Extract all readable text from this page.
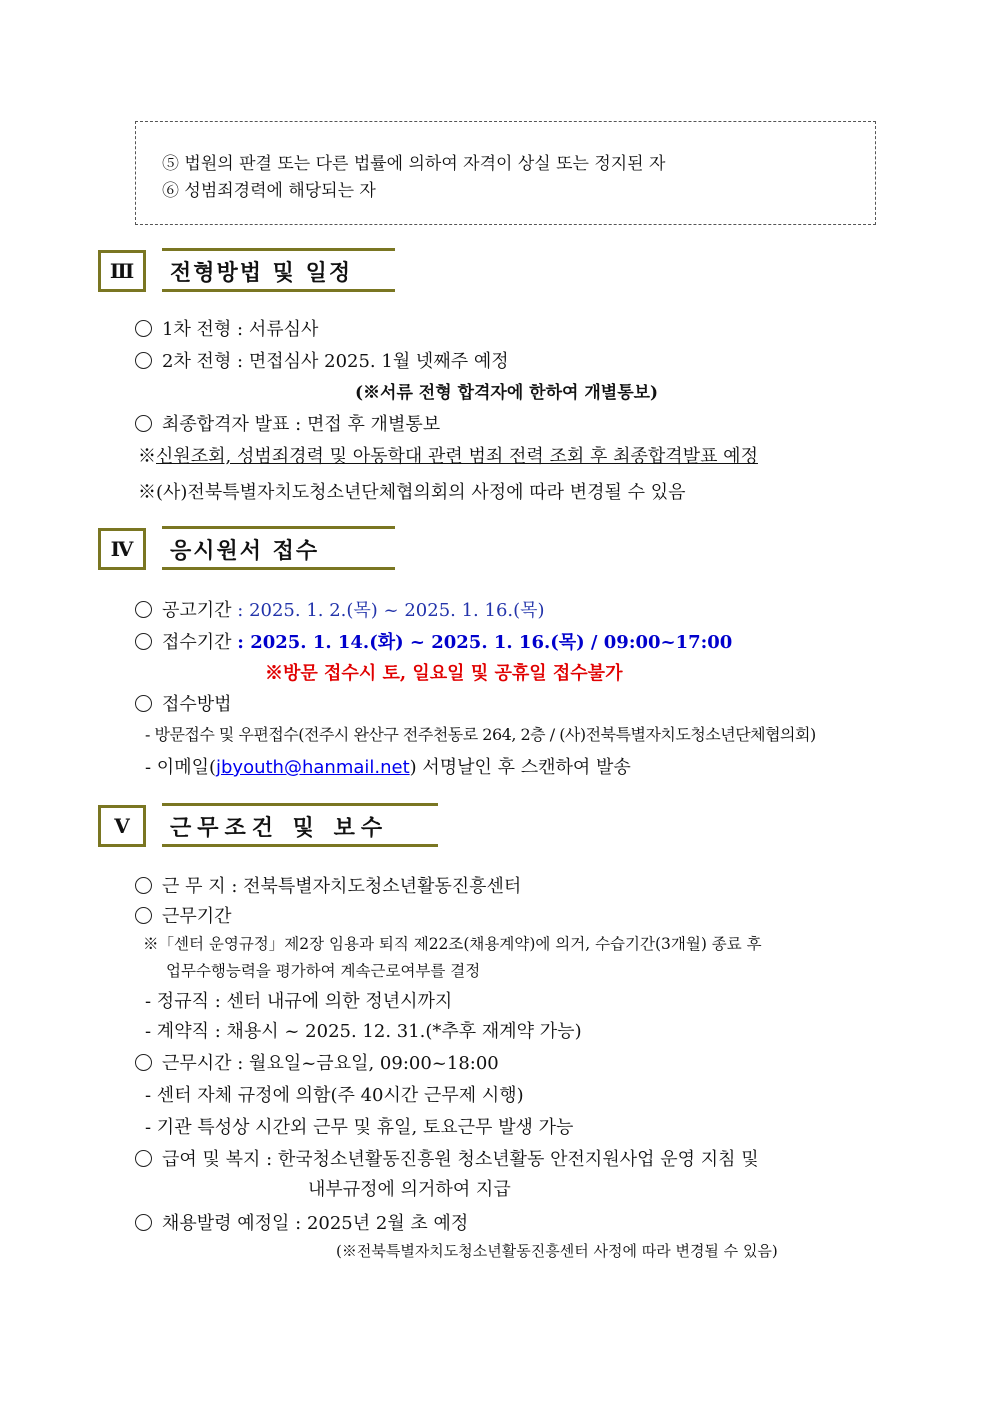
⑤ 법원의 판결 또는 다른 법률에 의하여 자격이 상실 또는 정지된 자
⑥ 성범죄경력에 해당되는 자
Ⅲ	전형방법 및 일정
1차 전형 : 서류심사
2차 전형 : 면접심사 2025. 1월 넷째주 예정
(※서류 전형 합격자에 한하여 개별통보)
최종합격자 발표 : 면접 후 개별통보
※신원조회, 성범죄경력 및 아동학대 관련 범죄 전력 조회 후 최종합격발표 예정
※(사)전북특별자치도청소년단체협의회의 사정에 따라 변경될 수 있음
Ⅳ	응시원서 접수
공고기간 : 2025. 1. 2.(목) ~ 2025. 1. 16.(목)
접수기간 : 2025. 1. 14.(화) ~ 2025. 1. 16.(목) / 09:00~17:00
※방문 접수시 토, 일요일 및 공휴일 접수불가
접수방법
- 방문접수 및 우편접수(전주시 완산구 전주천동로 264, 2층 / (사)전북특별자치도청소년단체협의회)
- 이메일(jbyouth@hanmail.net) 서명날인 후 스캔하여 발송
Ⅴ	근무조건 및 보수
근 무 지 : 전북특별자치도청소년활동진흥센터
근무기간
※「센터 운영규정」제2장 임용과 퇴직 제22조(채용계약)에 의거, 수습기간(3개월) 종료 후
업무수행능력을 평가하여 계속근로여부를 결정
- 정규직 : 센터 내규에 의한 정년시까지
- 계약직 : 채용시 ~ 2025. 12. 31.(*추후 재계약 가능)
근무시간 : 월요일~금요일, 09:00~18:00
- 센터 자체 규정에 의함(주 40시간 근무제 시행)
- 기관 특성상 시간외 근무 및 휴일, 토요근무 발생 가능
급여 및 복지 : 한국청소년활동진흥원 청소년활동 안전지원사업 운영 지침 및
내부규정에 의거하여 지급
채용발령 예정일 : 2025년 2월 초 예정
(※전북특별자치도청소년활동진흥센터 사정에 따라 변경될 수 있음)
